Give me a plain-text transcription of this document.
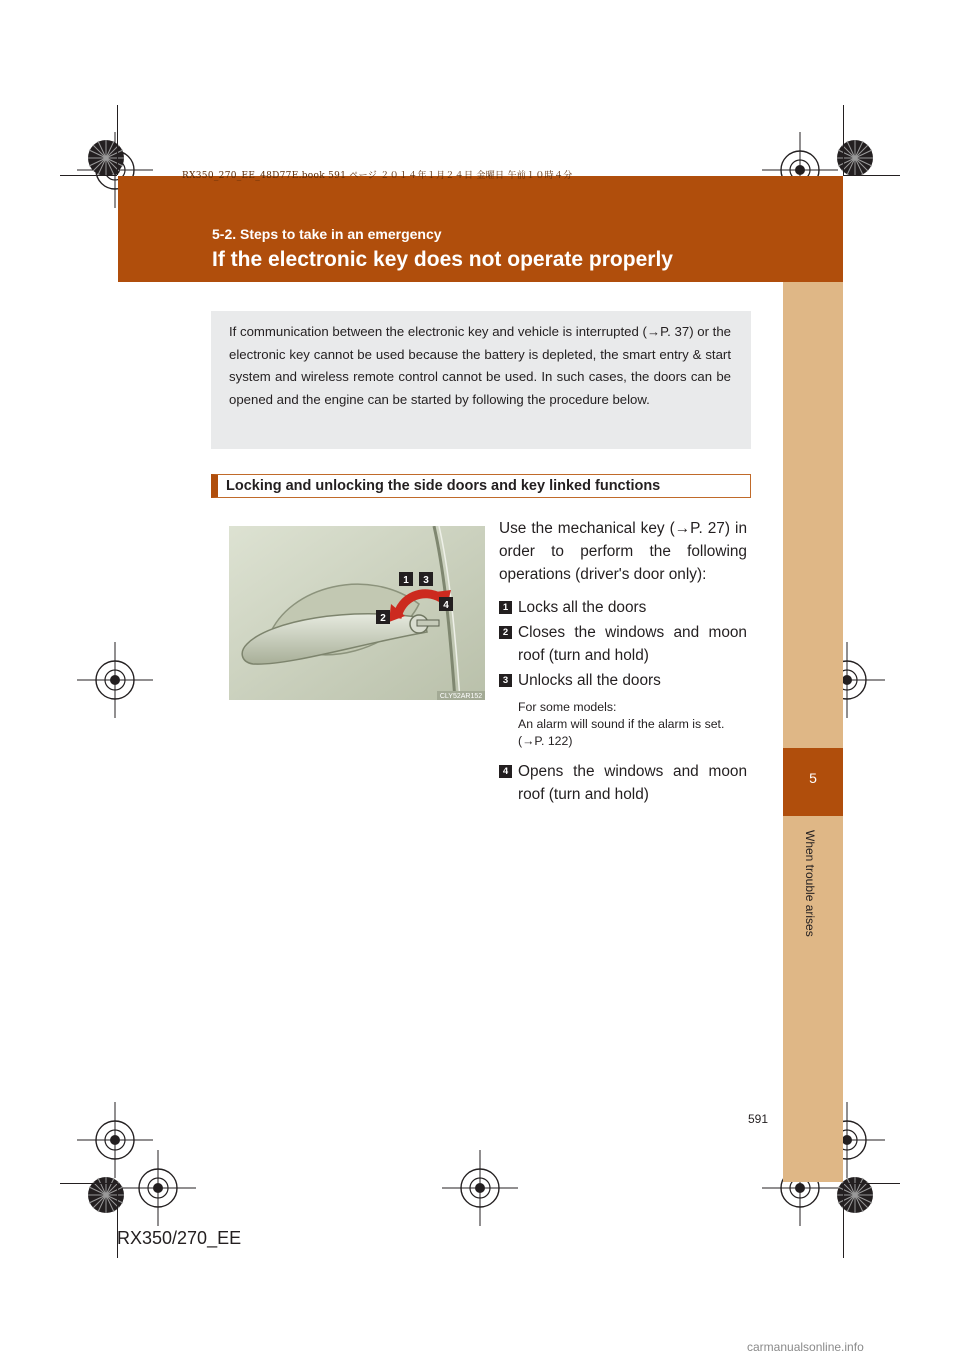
RX350_270_EE_48D77E.book 591 ページ ２０１４年１月２４日 金曜日 午前１０時４分
5-2. Steps to take in an emergency
If the electronic key does not operate properly
5
When trouble arises

If communication between the electronic key and vehicle is interrupted (→P. 37) or the electronic key cannot be used because the battery is depleted, the smart entry & start system and wireless remote control cannot be used. In such cases, the doors can be opened and the engine can be started by following the procedure below.

Locking and unlocking the side doors and key linked functions
1 3
2
4
CLY52AR152

Use the mechanical key (→P. 27) in order to perform the following operations (driver's door only):

1 Locks all the doors
2 Closes the windows and moon roof (turn and hold)
3 Unlocks all the doors
For some models:
An alarm will sound if the alarm is set. (→P. 122)
4 Opens the windows and moon roof (turn and hold)
591
RX350/270_EE
carmanualsonline.info
